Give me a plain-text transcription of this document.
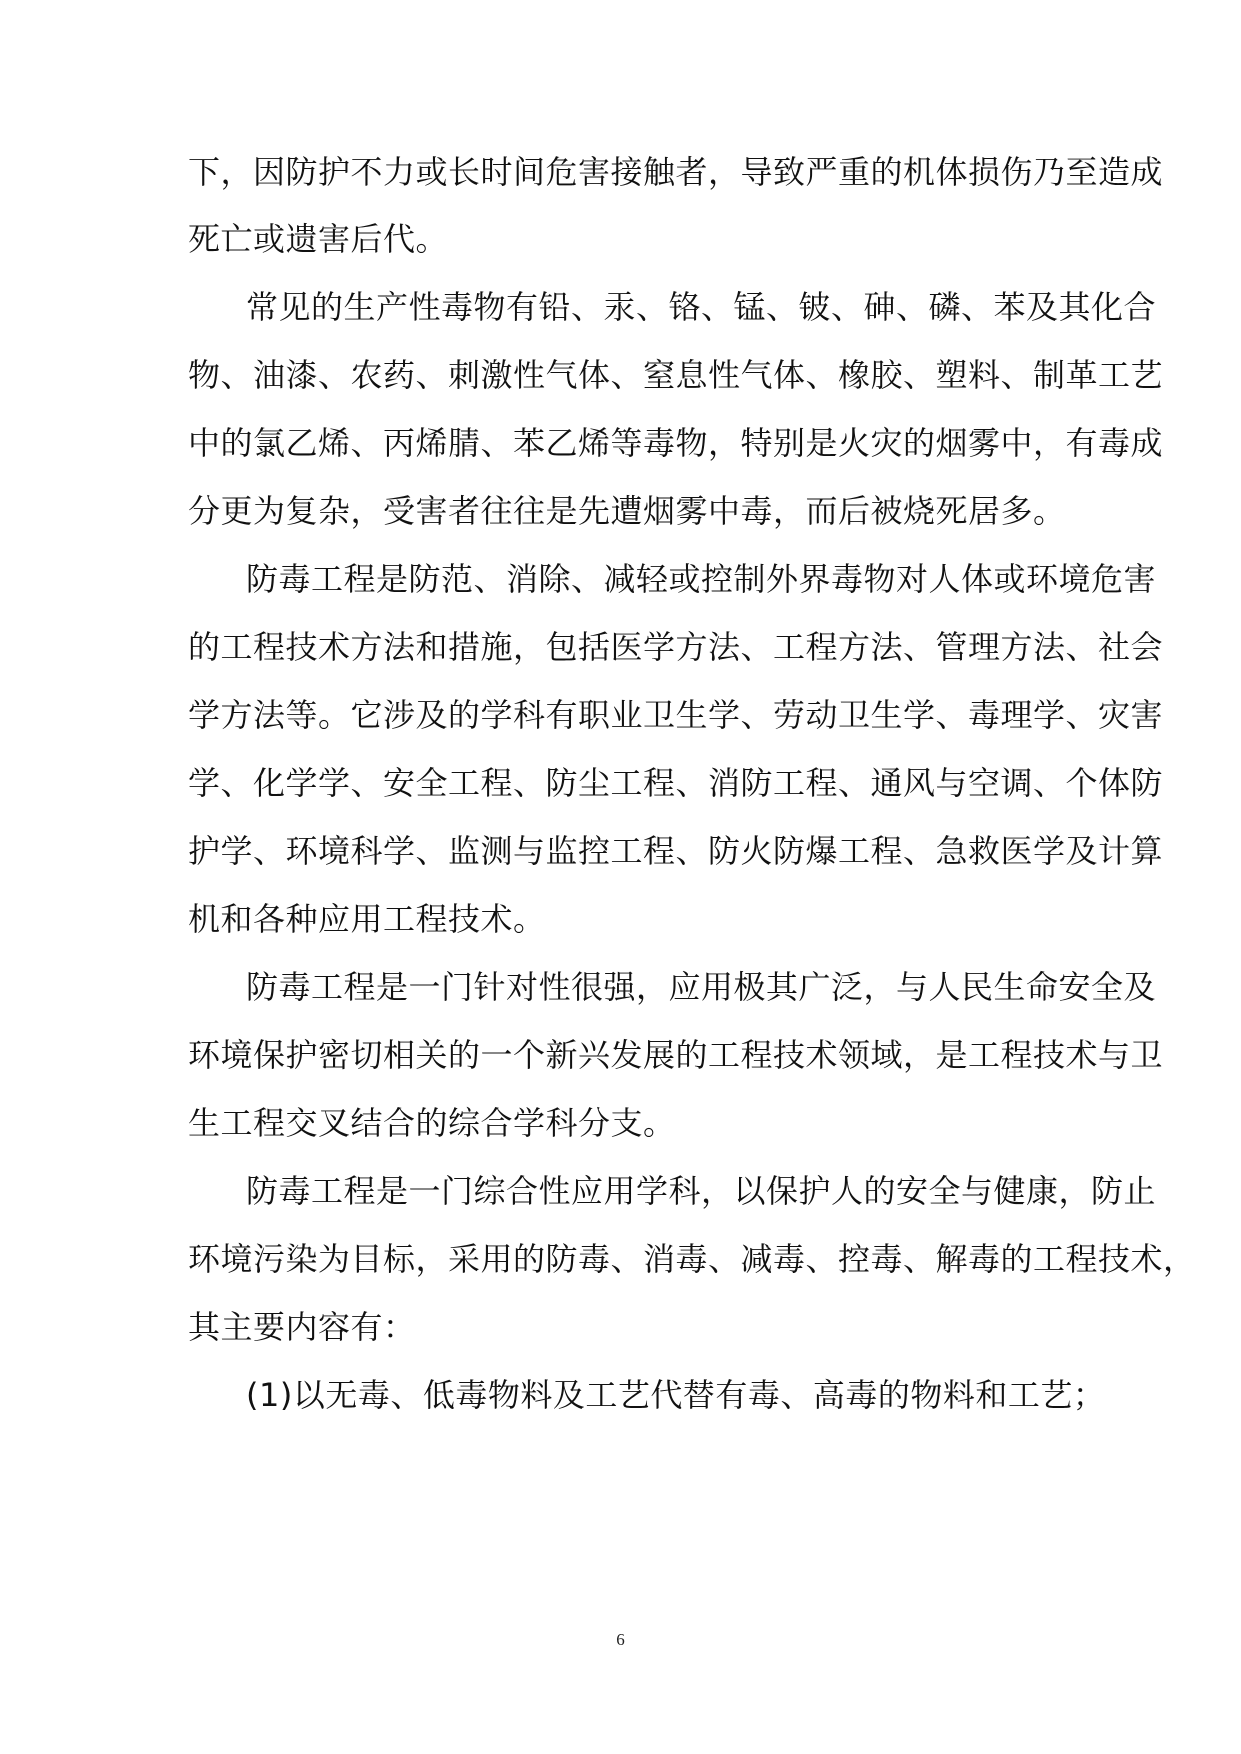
下，因防护不力或长时间危害接触者，导致严重的机体损伤乃至造成
死亡或遗害后代。
常见的生产性毒物有铅、汞、铬、锰、铍、砷、磷、苯及其化合
物、油漆、农药、刺激性气体、窒息性气体、橡胶、塑料、制革工艺
中的氯乙烯、丙烯腈、苯乙烯等毒物，特别是火灾的烟雾中，有毒成
分更为复杂，受害者往往是先遭烟雾中毒，而后被烧死居多。
防毒工程是防范、消除、减轻或控制外界毒物对人体或环境危害
的工程技术方法和措施，包括医学方法、工程方法、管理方法、社会
学方法等。它涉及的学科有职业卫生学、劳动卫生学、毒理学、灾害
学、化学学、安全工程、防尘工程、消防工程、通风与空调、个体防
护学、环境科学、监测与监控工程、防火防爆工程、急救医学及计算
机和各种应用工程技术。
防毒工程是一门针对性很强，应用极其广泛，与人民生命安全及
环境保护密切相关的一个新兴发展的工程技术领域，是工程技术与卫
生工程交叉结合的综合学科分支。
防毒工程是一门综合性应用学科，以保护人的安全与健康，防止
环境污染为目标，采用的防毒、消毒、减毒、控毒、解毒的工程技术，
其主要内容有：
(1)以无毒、低毒物料及工艺代替有毒、高毒的物料和工艺；
6
